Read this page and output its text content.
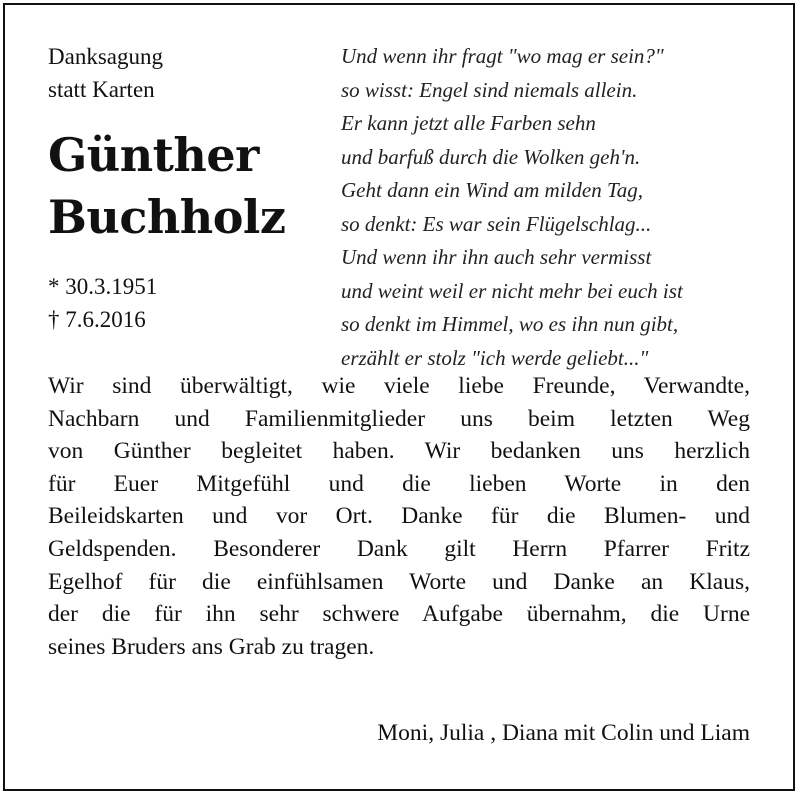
Danksagung
statt Karten
Günther
Buchholz
* 30.3.1951
† 7.6.2016
Und wenn ihr fragt "wo mag er sein?"
so wisst: Engel sind niemals allein.
Er kann jetzt alle Farben sehn
und barfuß durch die Wolken geh'n.
Geht dann ein Wind am milden Tag,
so denkt: Es war sein Flügelschlag...
Und wenn ihr ihn auch sehr vermisst
und weint weil er nicht mehr bei euch ist
so denkt im Himmel, wo es ihn nun gibt,
erzählt er stolz "ich werde geliebt..."
Wir sind überwältigt, wie viele liebe Freunde, Verwandte,
Nachbarn und Familienmitglieder uns beim letzten Weg
von Günther begleitet haben. Wir bedanken uns herzlich
für Euer Mitgefühl und die lieben Worte in den
Beileidskarten und vor Ort. Danke für die Blumen- und
Geldspenden. Besonderer Dank gilt Herrn Pfarrer Fritz
Egelhof für die einfühlsamen Worte und Danke an Klaus,
der die für ihn sehr schwere Aufgabe übernahm, die Urne
seines Bruders ans Grab zu tragen.
Moni, Julia , Diana mit Colin und Liam
